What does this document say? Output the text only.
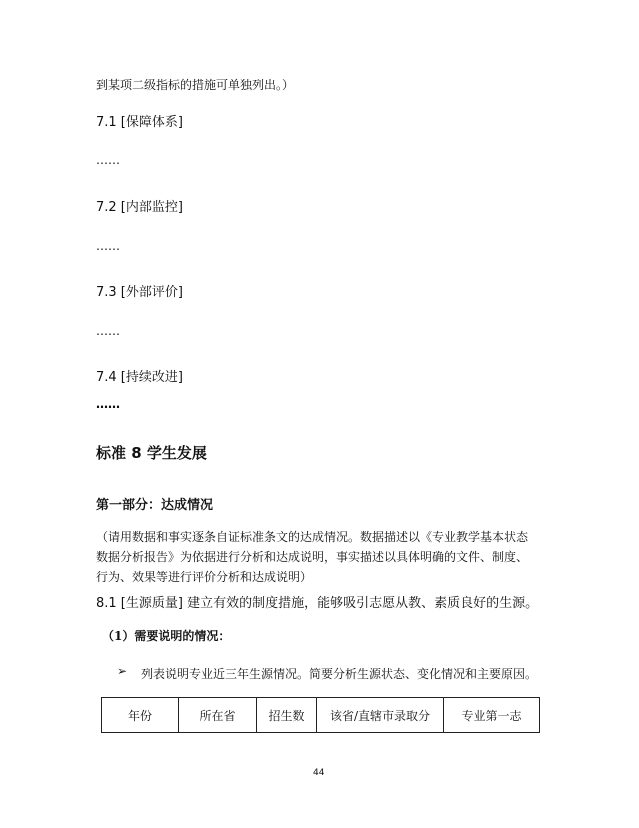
到某项二级指标的措施可单独列出。）
7.1 [保障体系]
……
7.2 [内部监控]
……
7.3 [外部评价]
……
7.4 [持续改进]
……
标准 8 学生发展
第一部分：达成情况
（请用数据和事实逐条自证标准条文的达成情况。数据描述以《专业教学基本状态
数据分析报告》为依据进行分析和达成说明，事实描述以具体明确的文件、制度、
行为、效果等进行评价分析和达成说明）
8.1 [生源质量] 建立有效的制度措施，能够吸引志愿从教、素质良好的生源。
（1）需要说明的情况：
➢ 列表说明专业近三年生源情况。简要分析生源状态、变化情况和主要原因。
年份	所在省	招生数	该省/直辖市录取分	专业第一志
44
